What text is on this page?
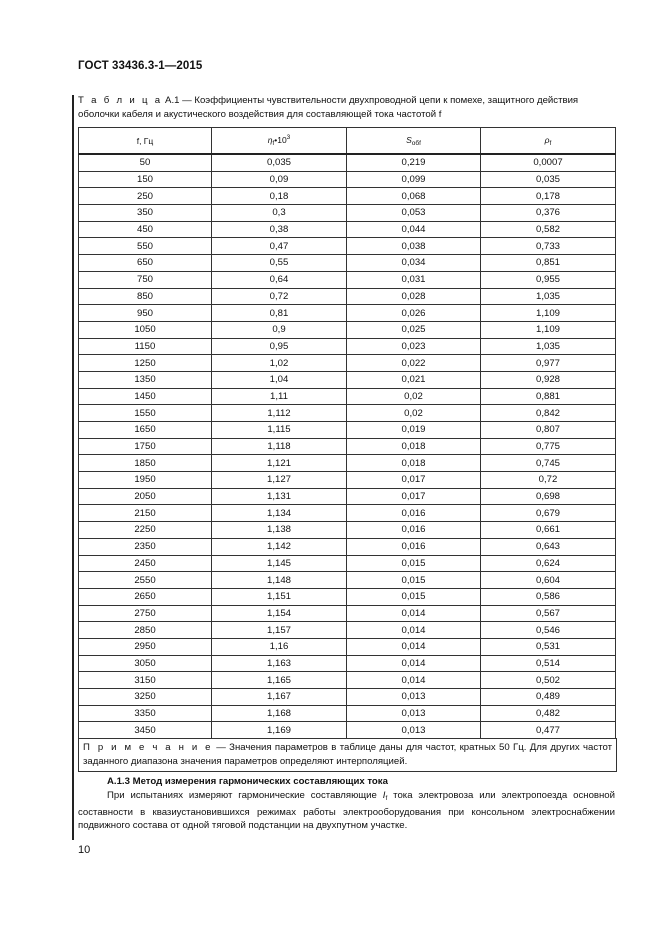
ГОСТ 33436.3-1—2015
Т а б л и ц а А.1 — Коэффициенты чувствительности двухпроводной цепи к помехе, защитного действия оболочки кабеля и акустического воздействия для составляющей тока частотой f
f, Гц	$\eta_f•10^3$	$S_{обf}$	$\rho_f$
50	0,035	0,219	0,0007
150	0,09	0,099	0,035
250	0,18	0,068	0,178
350	0,3	0,053	0,376
450	0,38	0,044	0,582
550	0,47	0,038	0,733
650	0,55	0,034	0,851
750	0,64	0,031	0,955
850	0,72	0,028	1,035
950	0,81	0,026	1,109
1050	0,9	0,025	1,109
1150	0,95	0,023	1,035
1250	1,02	0,022	0,977
1350	1,04	0,021	0,928
1450	1,11	0,02	0,881
1550	1,112	0,02	0,842
1650	1,115	0,019	0,807
1750	1,118	0,018	0,775
1850	1,121	0,018	0,745
1950	1,127	0,017	0,72
2050	1,131	0,017	0,698
2150	1,134	0,016	0,679
2250	1,138	0,016	0,661
2350	1,142	0,016	0,643
2450	1,145	0,015	0,624
2550	1,148	0,015	0,604
2650	1,151	0,015	0,586
2750	1,154	0,014	0,567
2850	1,157	0,014	0,546
2950	1,16	0,014	0,531
3050	1,163	0,014	0,514
3150	1,165	0,014	0,502
3250	1,167	0,013	0,489
3350	1,168	0,013	0,482
3450	1,169	0,013	0,477
П р и м е ч а н и е — Значения параметров в таблице даны для частот, кратных 50 Гц. Для других частот заданного диапазона значения параметров определяют интерполяцией.
А.1.3 Метод измерения гармонических составляющих тока
При испытаниях измеряют гармонические составляющие $I_f$ тока электровоза или электропоезда основной составности в квазиустановившихся режимах работы электрооборудования при консольном электроснабжении подвижного состава от одной тяговой подстанции на двухпутном участке.
10
